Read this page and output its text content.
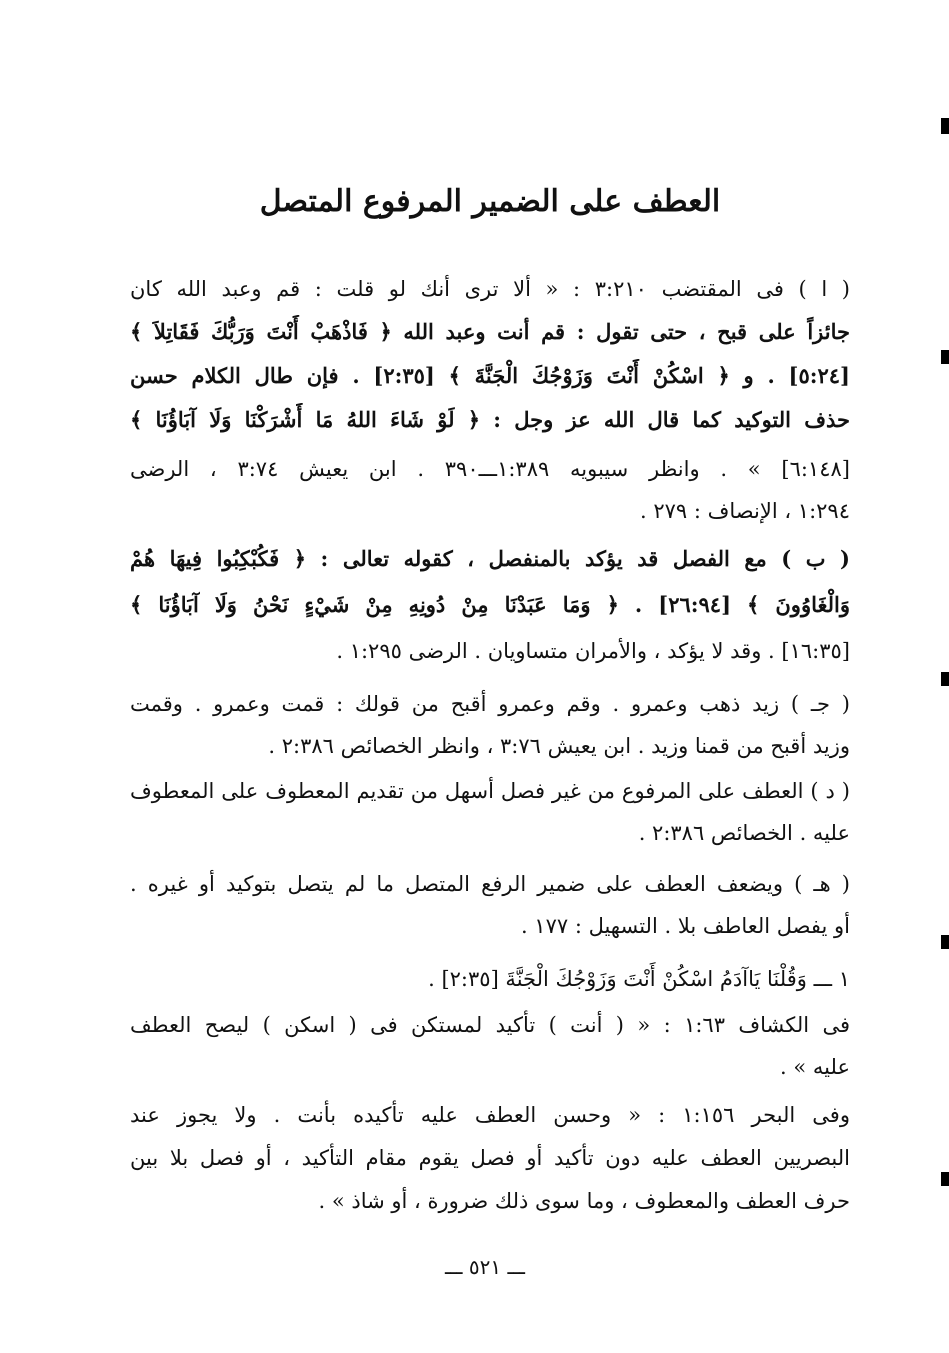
العطف على الضمير المرفوع المتصل
( ا ) فى المقتضب ٣:٢١٠ : « ألا ترى أنك لو قلت : قم وعبد الله كان
جائزاً على قبح ، حتى تقول : قم أنت وعبد الله ﴿ فَاذْهَبْ أَنْتَ وَرَبُّكَ فَقَاتِلاَ ﴾
[٥:٢٤] . و ﴿ اسْكُنْ أَنْتَ وَزَوْجُكَ الْجَنَّةَ ﴾ [٢:٣٥] . فإن طال الكلام حسن
حذف التوكيد كما قال الله عز وجل : ﴿ لَوْ شَاءَ اللهُ مَا أَشْرَكْنَا وَلَا آبَاؤُنَا ﴾
[٦:١٤٨] » . وانظر سيبويه ١:٣٨٩ـــ٣٩٠ . ابن يعيش ٣:٧٤ ، الرضى
١:٢٩٤ ، الإنصاف : ٢٧٩ .
( ب ) مع الفصل قد يؤكد بالمنفصل ، كقوله تعالى : ﴿ فَكُبْكِبُوا فِيهَا هُمْ
وَالْغَاوُونَ ﴾ [٢٦:٩٤] . ﴿ وَمَا عَبَدْنَا مِنْ دُونِهِ مِنْ شَيْءٍ نَحْنُ وَلَا آبَاؤُنَا ﴾
[١٦:٣٥] . وقد لا يؤكد ، والأمران متساويان . الرضى ١:٢٩٥ .
( جـ ) زيد ذهب وعمرو . وقم وعمرو أقبح من قولك : قمت وعمرو . وقمت
وزيد أقبح من قمنا وزيد . ابن يعيش ٣:٧٦ ، وانظر الخصائص ٢:٣٨٦ .
( د ) العطف على المرفوع من غير فصل أسهل من تقديم المعطوف على المعطوف
عليه . الخصائص ٢:٣٨٦ .
( هـ ) ويضعف العطف على ضمير الرفع المتصل ما لم يتصل بتوكيد أو غيره .
أو يفصل العاطف بلا . التسهيل : ١٧٧ .
١ ـــ وَقُلْنَا يَاآدَمُ اسْكُنْ أَنْتَ وَزَوْجُكَ الْجَنَّةَ [٢:٣٥] .
فى الكشاف ١:٦٣ : « ( أنت ) تأكيد لمستكن فى ( اسكن ) ليصح العطف
عليه » .
وفى البحر ١:١٥٦ : « وحسن العطف عليه تأكيده بأنت . ولا يجوز عند
البصريين العطف عليه دون تأكيد أو فصل يقوم مقام التأكيد ، أو فصل بلا بين
حرف العطف والمعطوف ، وما سوى ذلك ضرورة ، أو شاذ » .
ـــ ٥٢١ ـــ
